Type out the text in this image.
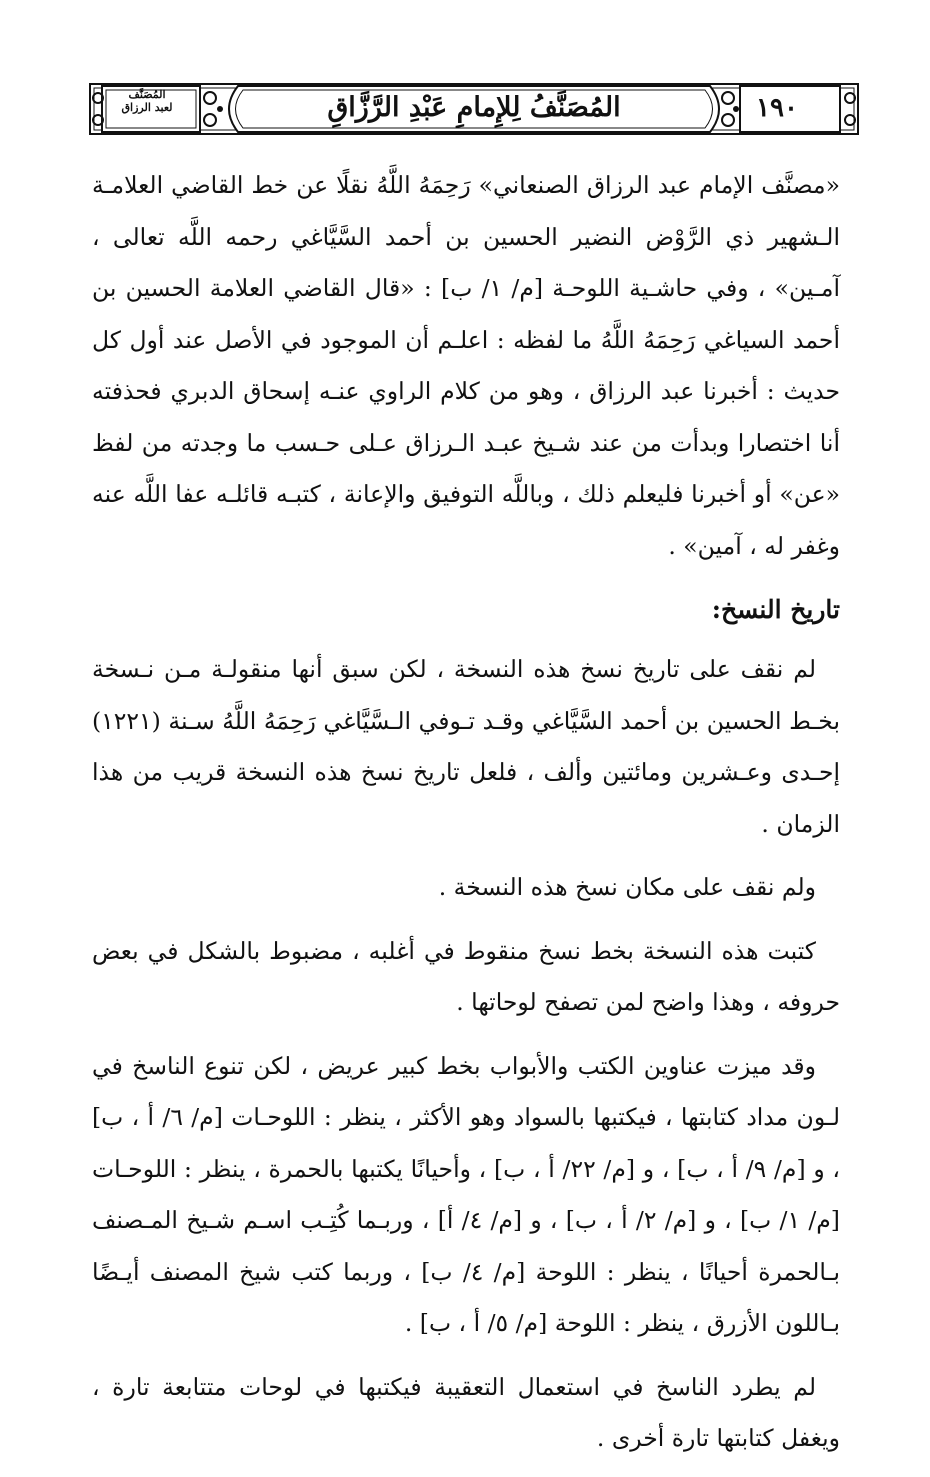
المُصَنَّفُ لِلإِمامِ عَبْدِ الرَّزَّاقِ	١٩٠
المُصَنَّف
لعبد الرزاق

«مصنَّف الإمام عبد الرزاق الصنعاني» رَحِمَهُ اللَّهُ نقلًا عن خط القاضي العلامـة الـشهير ذي الرَّوْض النضير الحسين بن أحمد السَّيَّاغي رحمه اللَّه تعالى ، آمـين» ، وفي حاشـية اللوحـة [م/ ١/ ب] : «قال القاضي العلامة الحسين بن أحمد السياغي رَحِمَهُ اللَّهُ ما لفظه : اعلـم أن الموجود في الأصل عند أول كل حديث : أخبرنا عبد الرزاق ، وهو من كلام الراوي عنـه إسحاق الدبري فحذفته أنا اختصارا وبدأت من عند شـيخ عبـد الـرزاق عـلى حـسب ما وجدته من لفظ «عن» أو أخبرنا فليعلم ذلك ، وباللَّه التوفيق والإعانة ، كتبـه قائلـه عفا اللَّه عنه وغفر له ، آمين» .

تاريخ النسخ:

لم نقف على تاريخ نسخ هذه النسخة ، لكن سبق أنها منقولـة مـن نـسخة بخـط الحسين بن أحمد السَّيَّاغي وقـد تـوفي الـسَّيَّاغي رَحِمَهُ اللَّهُ سـنة (١٢٢١) إحـدى وعـشرين ومائتين وألف ، فلعل تاريخ نسخ هذه النسخة قريب من هذا الزمان .

ولم نقف على مكان نسخ هذه النسخة .

كتبت هذه النسخة بخط نسخ منقوط في أغلبه ، مضبوط بالشكل في بعض حروفه ، وهذا واضح لمن تصفح لوحاتها .

وقد ميزت عناوين الكتب والأبواب بخط كبير عريض ، لكن تنوع الناسخ في لـون مداد كتابتها ، فيكتبها بالسواد وهو الأكثر ، ينظر : اللوحـات [م/ ٦/ أ ، ب] ، و [م/ ٩/ أ ، ب] ، و [م/ ٢٢/ أ ، ب] ، وأحيانًا يكتبها بالحمرة ، ينظر : اللوحـات [م/ ١/ ب] ، و [م/ ٢/ أ ، ب] ، و [م/ ٤/ أ] ، وربـما كُتِـب اسـم شـيخ المـصنف بـالحمرة أحيانًا ، ينظر : اللوحة [م/ ٤/ ب] ، وربما كتب شيخ المصنف أيـضًا بـاللون الأزرق ، ينظر : اللوحة [م/ ٥/ أ ، ب] .

لم يطرد الناسخ في استعمال التعقيبة فيكتبها في لوحات متتابعة تارة ، ويغفل كتابتها تارة أخرى .
